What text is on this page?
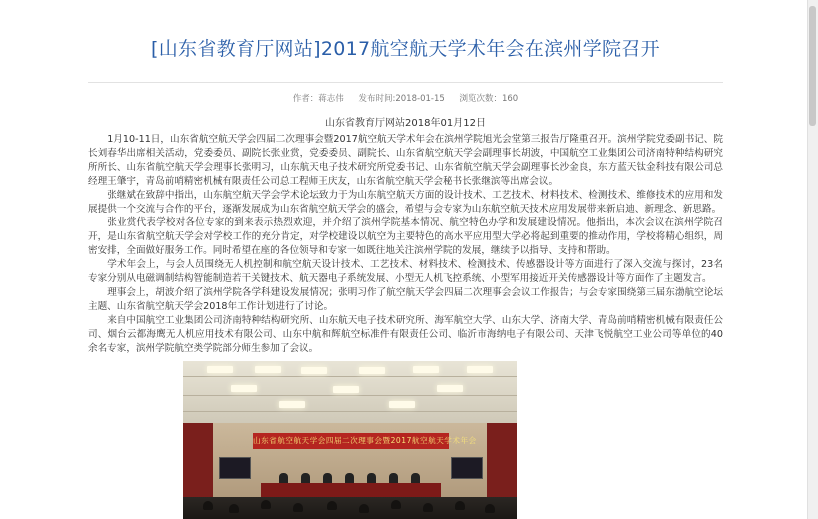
[山东省教育厅网站]2017航空航天学术年会在滨州学院召开
作者：蒋志伟 发布时间:2018-01-15 浏览次数：160
山东省教育厅网站2018年01月12日

1月10-11日，山东省航空航天学会四届二次理事会暨2017航空航天学术年会在滨州学院旭光会堂第三报告厅隆重召开。滨州学院党委副书记、院长刘春华出席相关活动，党委委员、副院长张业赏，党委委员、副院长、山东省航空航天学会副理事长胡波，中国航空工业集团公司济南特种结构研究所所长、山东省航空航天学会理事长张明习，山东航天电子技术研究所党委书记、山东省航空航天学会副理事长沙金良，东方蓝天钛金科技有限公司总经理王肇宇，青岛前哨精密机械有限责任公司总工程师王庆友，山东省航空航天学会秘书长张继滨等出席会议。

张继斌在致辞中指出，山东航空航天学会学术论坛致力于为山东航空航天方面的设计技术、工艺技术、材料技术、检测技术、维修技术的应用和发展提供一个交流与合作的平台，逐渐发展成为山东省航空航天学会的盛会，希望与会专家为山东航空航天技术应用发展带来新启迪、新理念、新思路。

张业赏代表学校对各位专家的到来表示热烈欢迎，并介绍了滨州学院基本情况、航空特色办学和发展建设情况。他指出，本次会议在滨州学院召开，是山东省航空航天学会对学校工作的充分肯定，对学校建设以航空为主要特色的高水平应用型大学必将起到重要的推动作用，学校将精心组织，周密安排，全面做好服务工作。同时希望在座的各位领导和专家一如既往地关注滨州学院的发展，继续予以指导、支持和帮助。

学术年会上，与会人员围绕无人机控制和航空航天设计技术、工艺技术、材料技术、检测技术、传感器设计等方面进行了深入交流与探讨，23名专家分别从电磁调制结构智能制造若干关键技术、航天器电子系统发展、小型无人机飞控系统、小型军用接近开关传感器设计等方面作了主题发言。

理事会上，胡波介绍了滨州学院各学科建设发展情况；张明习作了航空航天学会四届二次理事会会议工作报告；与会专家围绕第三届东渤航空论坛主题、山东省航空航天学会2018年工作计划进行了讨论。

来自中国航空工业集团公司济南特种结构研究所、山东航天电子技术研究所、海军航空大学、山东大学、济南大学、青岛前哨精密机械有限责任公司、烟台云都海鹰无人机应用技术有限公司、山东中航和辉航空标准件有限责任公司、临沂市海纳电子有限公司、天津飞悦航空工业公司等单位的40余名专家，滨州学院航空类学院部分师生参加了会议。

山东省航空航天学会四届二次理事会暨2017航空航天学术年会
